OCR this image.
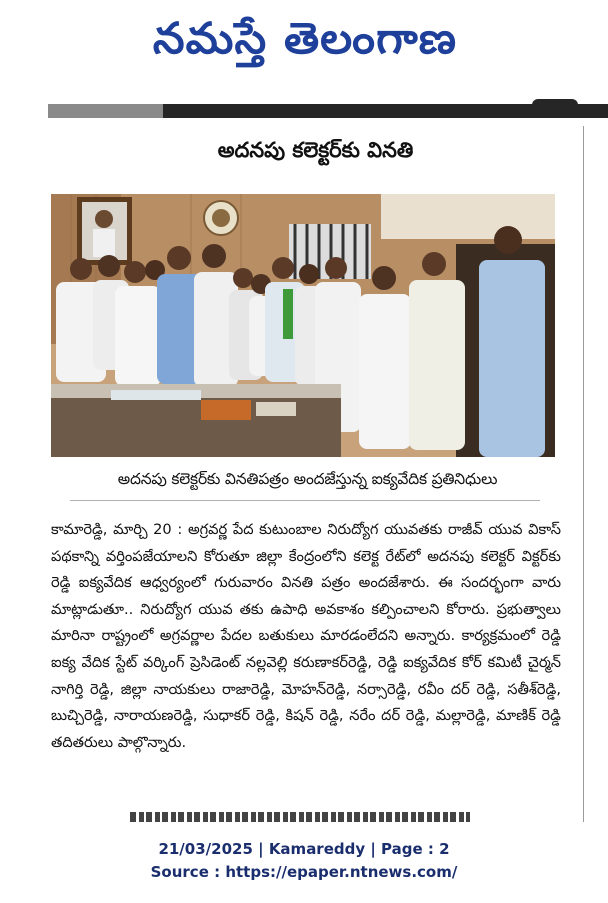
నమస్తే తెలంగాణ
అదనపు కలెక్టర్‌కు వినతి
అదనపు కలెక్టర్‌కు వినతిపత్రం అందజేస్తున్న ఐక్యవేదిక ప్రతినిధులు
కామారెడ్డి, మార్చి 20 : అగ్రవర్ణ పేద కుటుంబాల నిరుద్యోగ యువతకు రాజీవ్ యువ వికాస్ పథకాన్ని వర్తింపజేయాలని కోరుతూ జిల్లా కేంద్రంలోని కలెక్ట రేట్‌లో అదనపు కలెక్టర్ విక్టర్‌కు రెడ్డి ఐక్యవేదిక ఆధ్వర్యంలో గురువారం వినతి పత్రం అందజేశారు. ఈ సందర్భంగా వారు మాట్లాడుతూ.. నిరుద్యోగ యువ తకు ఉపాధి అవకాశం కల్పించాలని కోరారు. ప్రభుత్వాలు మారినా రాష్ట్రంలో అగ్రవర్ణాల పేదల బతుకులు మారడంలేదని అన్నారు. కార్యక్రమంలో రెడ్డి ఐక్య వేదిక స్టేట్ వర్కింగ్ ప్రెసిడెంట్ నల్లవెల్లి కరుణాకర్‌రెడ్డి, రెడ్డి ఐక్యవేదిక కోర్ కమిటీ చైర్మన్ నాగిర్తి రెడ్డి, జిల్లా నాయకులు రాజారెడ్డి, మోహన్‌రెడ్డి, నర్సారెడ్డి, రవీం దర్ రెడ్డి, సతీశ్‌రెడ్డి, బుచ్చిరెడ్డి, నారాయణరెడ్డి, సుధాకర్ రెడ్డి, కిషన్ రెడ్డి, నరేం దర్ రెడ్డి, మల్లారెడ్డి, మాణిక్ రెడ్డి తదితరులు పాల్గొన్నారు.
21/03/2025 | Kamareddy | Page : 2
Source : https://epaper.ntnews.com/
